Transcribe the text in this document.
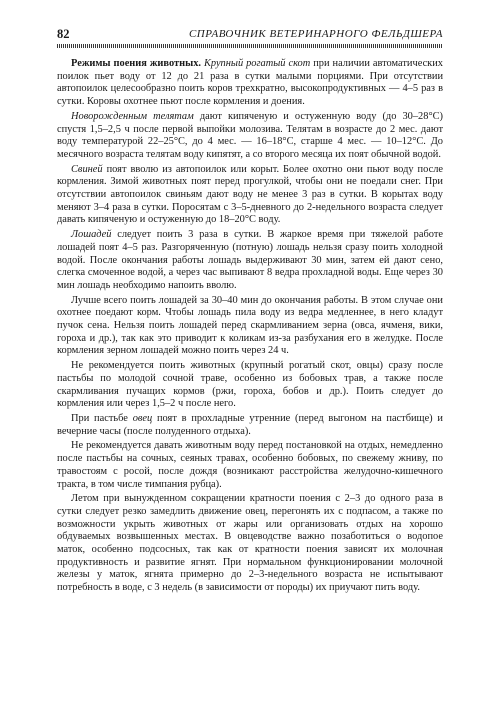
82	СПРАВОЧНИК ВЕТЕРИНАРНОГО ФЕЛЬДШЕРА

Режимы поения животных. Крупный рогатый скот при наличии автоматических поилок пьет воду от 12 до 21 раза в сутки малыми порциями. При отсутствии автопоилок целесообразно поить коров трехкратно, высокопродуктивных — 4–5 раз в сутки. Коровы охотнее пьют после кормления и доения.

Новорожденным телятам дают кипяченую и остуженную воду (до 30–28°С) спустя 1,5–2,5 ч после первой выпойки молозива. Телятам в возрасте до 2 мес. дают воду температурой 22–25°С, до 4 мес. — 16–18°С, старше 4 мес. — 10–12°С. До месячного возраста телятам воду кипятят, а со второго месяца их поят обычной водой.

Свиней поят вволю из автопоилок или корыт. Более охотно они пьют воду после кормления. Зимой животных поят перед прогулкой, чтобы они не поедали снег. При отсутствии автопоилок свиньям дают воду не менее 3 раз в сутки. В корытах воду меняют 3–4 раза в сутки. Поросятам с 3–5-дневного до 2-недельного возраста следует давать кипяченую и остуженную до 18–20°С воду.

Лошадей следует поить 3 раза в сутки. В жаркое время при тяжелой работе лошадей поят 4–5 раз. Разгоряченную (потную) лошадь нельзя сразу поить холодной водой. После окончания работы лошадь выдерживают 30 мин, затем ей дают сено, слегка смоченное водой, а через час выпивают 8 ведра прохладной воды. Еще через 30 мин лошадь необходимо напоить вволю.

Лучше всего поить лошадей за 30–40 мин до окончания работы. В этом случае они охотнее поедают корм. Чтобы лошадь пила воду из ведра медленнее, в него кладут пучок сена. Нельзя поить лошадей перед скармливанием зерна (овса, ячменя, вики, гороха и др.), так как это приводит к коликам из-за разбухания его в желудке. После кормления зерном лошадей можно поить через 24 ч.

Не рекомендуется поить животных (крупный рогатый скот, овцы) сразу после пастьбы по молодой сочной траве, особенно из бобовых трав, а также после скармливания пучащих кормов (ржи, гороха, бобов и др.). Поить следует до кормления или через 1,5–2 ч после него.

При пастьбе овец поят в прохладные утренние (перед выгоном на пастбище) и вечерние часы (после полуденного отдыха).

Не рекомендуется давать животным воду перед постановкой на отдых, немедленно после пастьбы на сочных, сеяных травах, особенно бобовых, по свежему жниву, по травостоям с росой, после дождя (возникают расстройства желудочно-кишечного тракта, в том числе тимпания рубца).

Летом при вынужденном сокращении кратности поения с 2–3 до одного раза в сутки следует резко замедлить движение овец, перегонять их с подпасом, а также по возможности укрыть животных от жары или организовать отдых на хорошо обдуваемых возвышенных местах. В овцеводстве важно позаботиться о водопое маток, особенно подсосных, так как от кратности поения зависят их молочная продуктивность и развитие ягнят. При нормальном функционировании молочной железы у маток, ягнята примерно до 2–3-недельного возраста не испытывают потребность в воде, с 3 недель (в зависимости от породы) их приучают пить воду.
